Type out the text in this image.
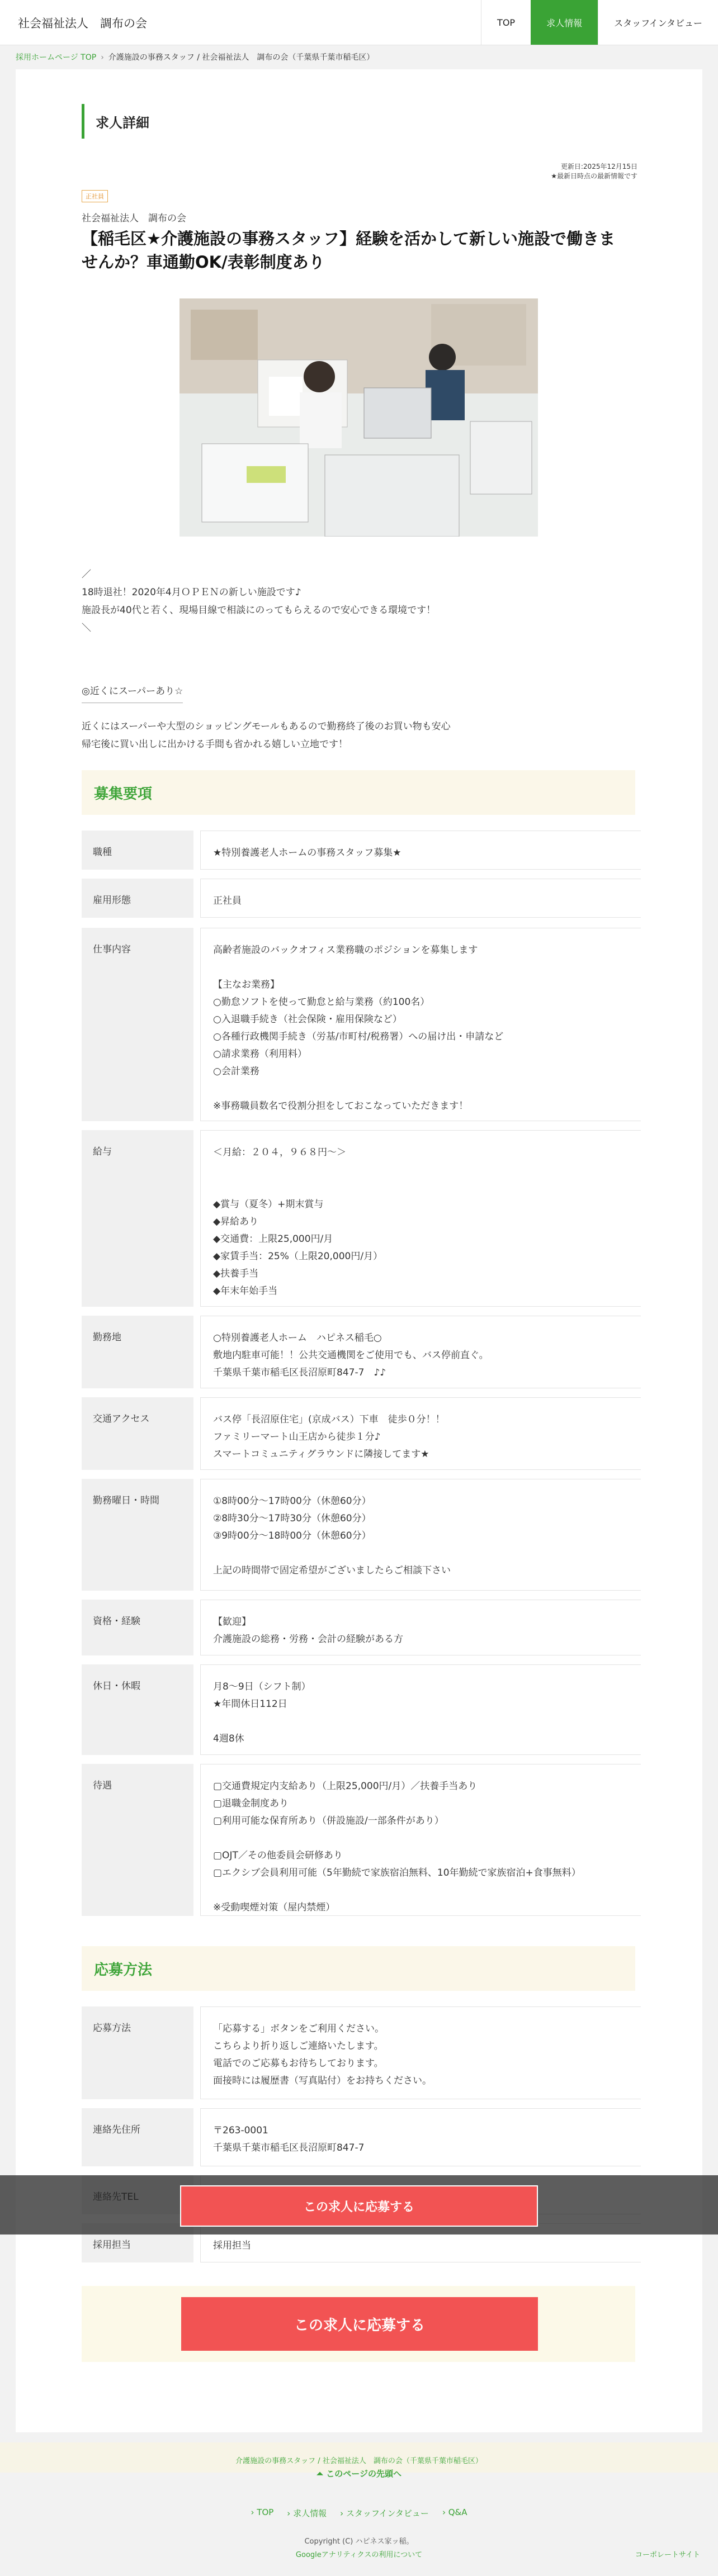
社会福祉法人　調布の会	TOP	求人情報	スタッフインタビュー
採用ホームページ TOP › 介護施設の事務スタッフ / 社会福祉法人　調布の会（千葉県千葉市稲毛区）
求人詳細
更新日:2025年12月15日
★最新日時点の最新情報です
正社員
社会福祉法人　調布の会
【稲毛区★介護施設の事務スタッフ】経験を活かして新しい施設で働きませんか？車通勤OK/表彰制度あり
／
18時退社！2020年4月ＯＰＥＮの新しい施設です♪
施設長が40代と若く、現場目線で相談にのってもらえるので安心できる環境です！
＼
◎近くにスーパーあり☆
近くにはスーパーや大型のショッピングモールもあるので勤務終了後のお買い物も安心
帰宅後に買い出しに出かける手間も省かれる嬉しい立地です！
募集要項
職種	★特別養護老人ホームの事務スタッフ募集★
雇用形態	正社員
仕事内容	高齢者施設のバックオフィス業務職のポジションを募集します

【主なお業務】
○勤怠ソフトを使って勤怠と給与業務（約100名）
○入退職手続き（社会保険・雇用保険など）
○各種行政機関手続き（労基/市町村/税務署）への届け出・申請など
○請求業務（利用料）
○会計業務

※事務職員数名で役割分担をしておこなっていただきます！
給与	＜月給：２０４，９６８円～＞

◆賞与（夏冬）+期末賞与
◆昇給あり
◆交通費：上限25,000円/月
◆家賃手当：25%（上限20,000円/月）
◆扶養手当
◆年末年始手当
勤務地	○特別養護老人ホーム　ハピネス稲毛○
敷地内駐車可能！！公共交通機関をご使用でも、バス停前直ぐ。
千葉県千葉市稲毛区長沼原町847-7　♪♪
交通アクセス	バス停「長沼原住宅」(京成バス）下車　徒歩０分！！
ファミリーマート山王店から徒歩１分♪
スマートコミュニティグラウンドに隣接してます★
勤務曜日・時間	①8時00分〜17時00分（休憩60分）
②8時30分〜17時30分（休憩60分）
③9時00分〜18時00分（休憩60分）

上記の時間帯で固定希望がございましたらご相談下さい
資格・経験	【歓迎】
介護施設の総務・労務・会計の経験がある方
休日・休暇	月8〜9日（シフト制）
★年間休日112日

4週8休
待遇	▢交通費規定内支給あり（上限25,000円/月）／扶養手当あり
▢退職金制度あり
▢利用可能な保育所あり（併設施設/一部条件があり）

▢OJT／その他委員会研修あり
▢エクシブ会員利用可能（5年勤続で家族宿泊無料、10年勤続で家族宿泊+食事無料）

※受動喫煙対策（屋内禁煙）
応募方法
応募方法	「応募する」ボタンをご利用ください。
こちらより折り返しご連絡いたします。
電話でのご応募もお待ちしております。
面接時には履歴書（写真貼付）をお持ちください。
連絡先住所	〒263-0001
千葉県千葉市稲毛区長沼原町847-7
採用担当	採用担当
この求人に応募する
この求人に応募する
介護施設の事務スタッフ / 社会福祉法人　調布の会（千葉県千葉市稲毛区）
⏶ このページの先頭へ
› TOP › 求人情報 › スタッフインタビュー › Q&A
Copyright (C) ハピネス家ッ稲。
Googleアナリティクスの利用について	コーポレートサイト
